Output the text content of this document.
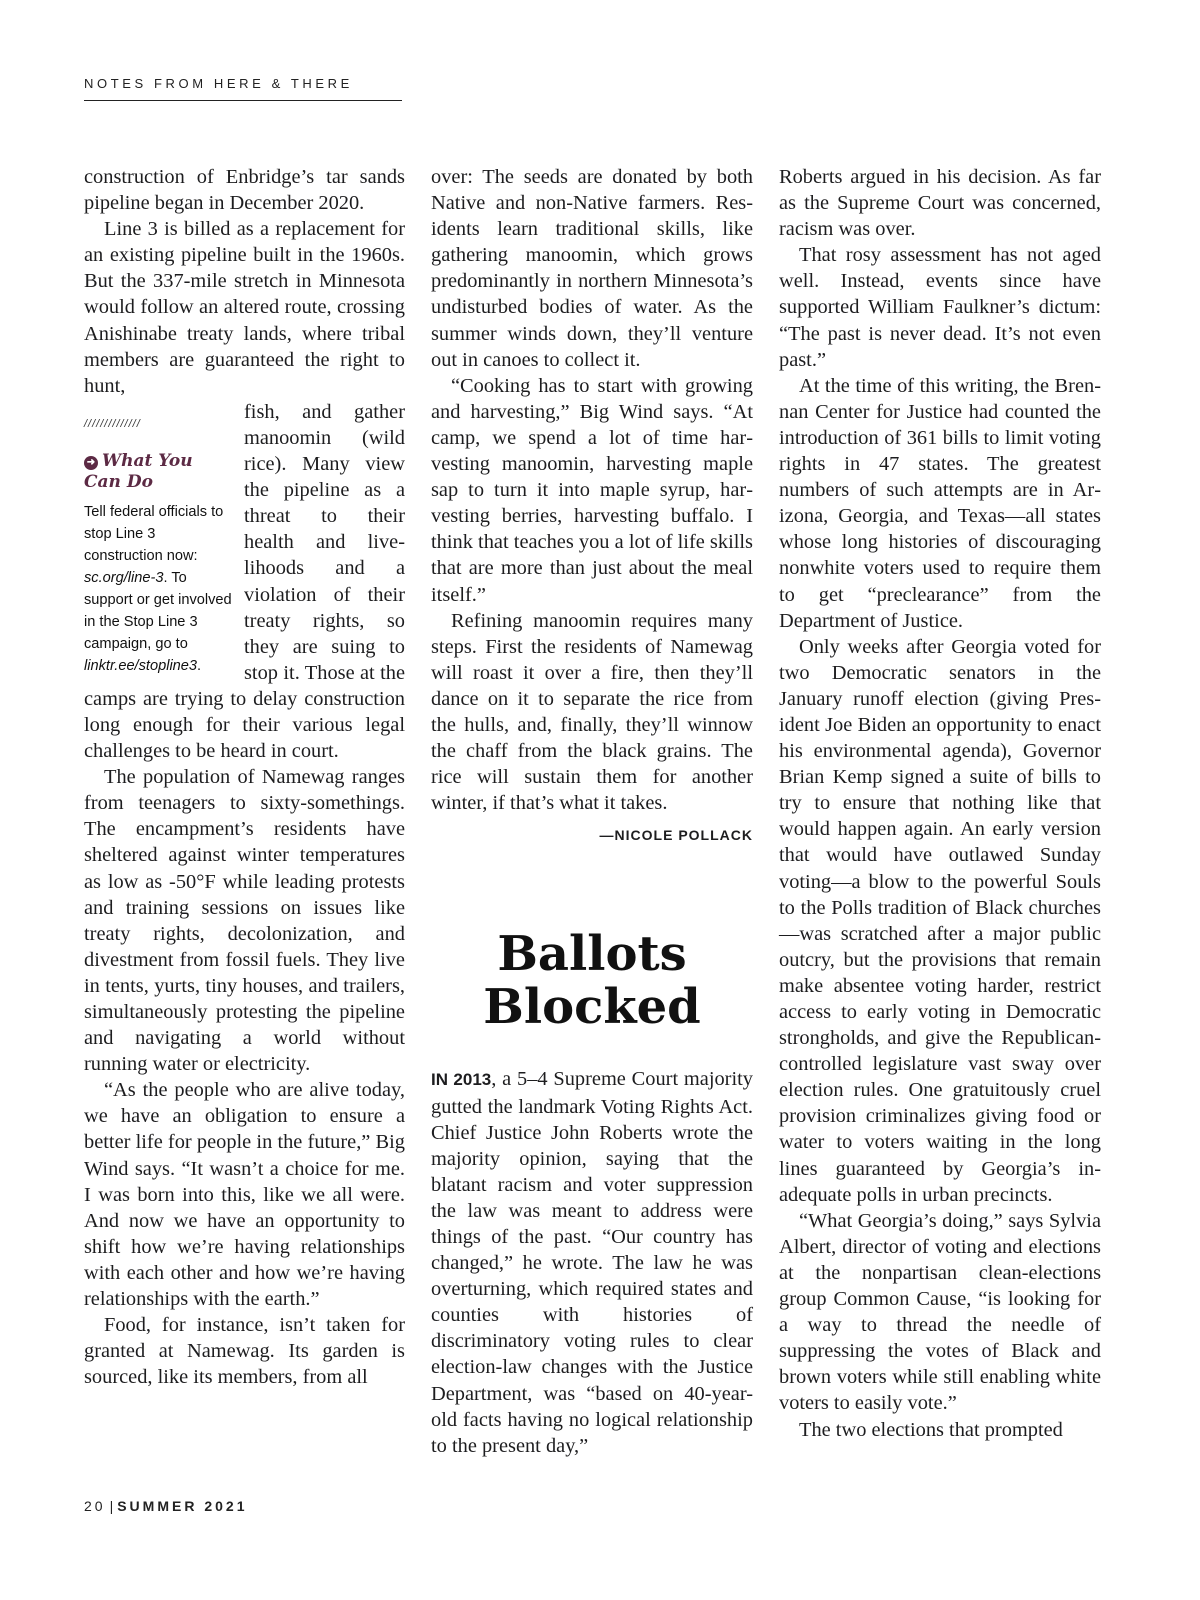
NOTES FROM HERE & THERE

construction of Enbridge’s tar sands pipeline began in December 2020.

Line 3 is billed as a replacement for an existing pipeline built in the 1960s. But the 337-mile stretch in Minnesota would follow an altered route, crossing Anishinabe treaty lands, where tribal members are guaranteed the right to hunt,

//////////////
➜ What You Can Do
Tell federal officials to stop Line 3 construction now: sc.org/line-3. To support or get involved in the Stop Line 3 campaign, go to linktr.ee/stopline3.

fish, and gather manoomin (wild rice). Many view the pipeline as a threat to their health and livelihoods and a violation of their treaty rights, so they are suing to stop it. Those at the camps are trying to delay construction long enough for their various legal challenges to be heard in court.

The population of Namewag ranges from teenagers to sixty-somethings. The encampment’s residents have sheltered against winter temperatures as low as -50°F while leading protests and training sessions on issues like treaty rights, decolonization, and divestment from fossil fuels. They live in tents, yurts, tiny houses, and trailers, simultaneously protesting the pipeline and navigating a world without running water or electricity.

“As the people who are alive today, we have an obligation to ensure a better life for people in the future,” Big Wind says. “It wasn’t a choice for me. I was born into this, like we all were. And now we have an opportunity to shift how we’re having relationships with each other and how we’re having relationships with the earth.”

Food, for instance, isn’t taken for granted at Namewag. Its garden is sourced, like its members, from all

over: The seeds are donated by both Native and non-Native farmers. Residents learn traditional skills, like gathering manoomin, which grows predominantly in northern Minnesota’s undisturbed bodies of water. As the summer winds down, they’ll venture out in canoes to collect it.

“Cooking has to start with growing and harvesting,” Big Wind says. “At camp, we spend a lot of time harvesting manoomin, harvesting maple sap to turn it into maple syrup, harvesting berries, harvesting buffalo. I think that teaches you a lot of life skills that are more than just about the meal itself.”

Refining manoomin requires many steps. First the residents of Namewag will roast it over a fire, then they’ll dance on it to separate the rice from the hulls, and, finally, they’ll winnow the chaff from the black grains. The rice will sustain them for another winter, if that’s what it takes.

—NICOLE POLLACK
Ballots
Blocked

IN 2013, a 5–4 Supreme Court majority gutted the landmark Voting Rights Act. Chief Justice John Roberts wrote the majority opinion, saying that the blatant racism and voter suppression the law was meant to address were things of the past. “Our country has changed,” he wrote. The law he was overturning, which required states and counties with histories of discriminatory voting rules to clear election-law changes with the Justice Department, was “based on 40-year-old facts having no logical relationship to the present day,”

Roberts argued in his decision. As far as the Supreme Court was concerned, racism was over.

That rosy assessment has not aged well. Instead, events since have supported William Faulkner’s dictum: “The past is never dead. It’s not even past.”

At the time of this writing, the Brennan Center for Justice had counted the introduction of 361 bills to limit voting rights in 47 states. The greatest numbers of such attempts are in Arizona, Georgia, and Texas—all states whose long histories of discouraging nonwhite voters used to require them to get “preclearance” from the Department of Justice.

Only weeks after Georgia voted for two Democratic senators in the January runoff election (giving President Joe Biden an opportunity to enact his environmental agenda), Governor Brian Kemp signed a suite of bills to try to ensure that nothing like that would happen again. An early version that would have outlawed Sunday voting—a blow to the powerful Souls to the Polls tradition of Black churches—was scratched after a major public outcry, but the provisions that remain make absentee voting harder, restrict access to early voting in Democratic strongholds, and give the Republican-controlled legislature vast sway over election rules. One gratuitously cruel provision criminalizes giving food or water to voters waiting in the long lines guaranteed by Georgia’s inadequate polls in urban precincts.

“What Georgia’s doing,” says Sylvia Albert, director of voting and elections at the nonpartisan clean-elections group Common Cause, “is looking for a way to thread the needle of suppressing the votes of Black and brown voters while still enabling white voters to easily vote.”

The two elections that prompted

20 | SUMMER 2021
